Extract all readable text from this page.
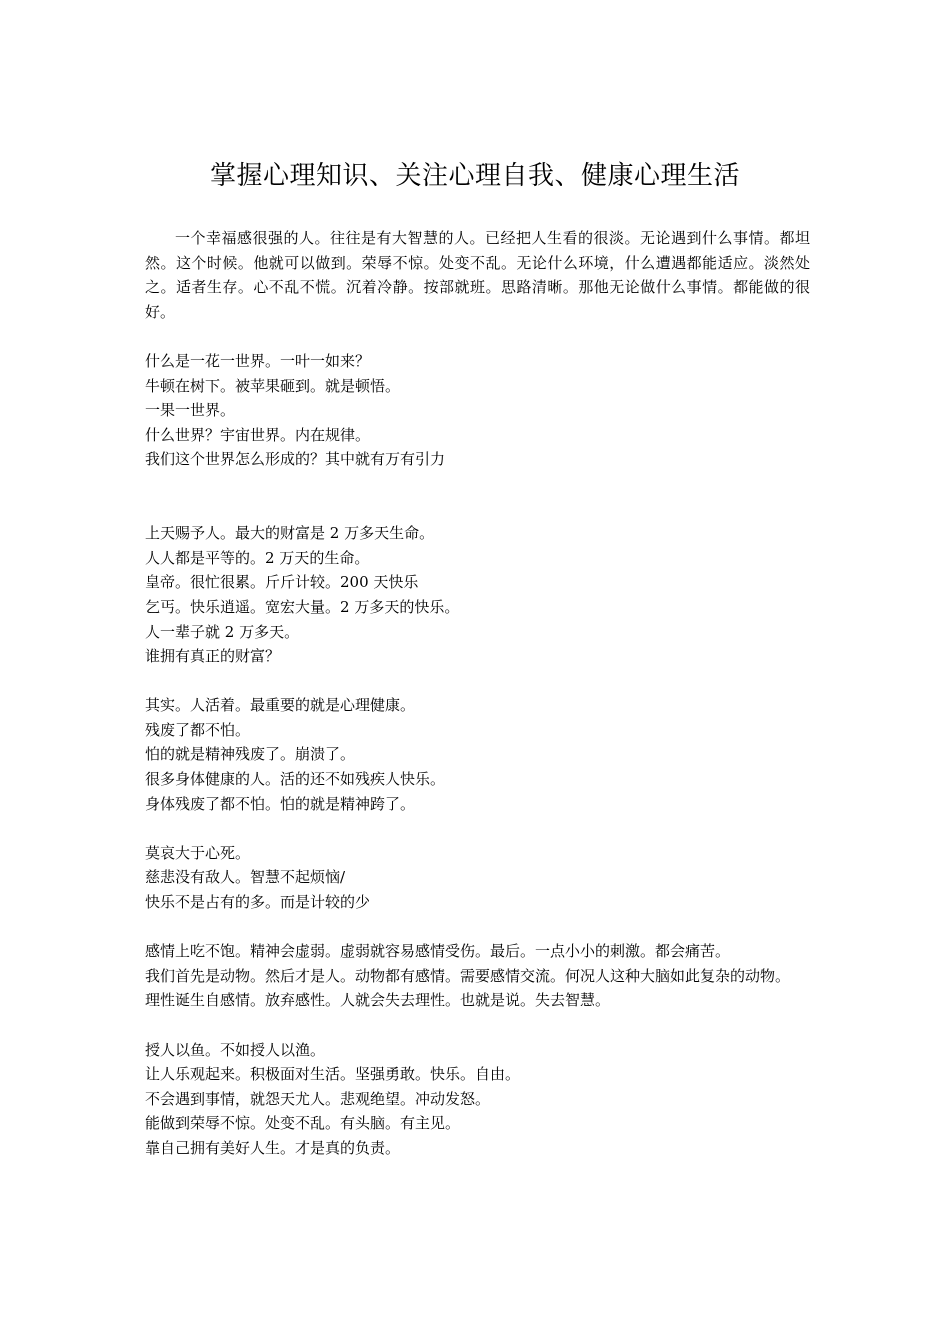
掌握心理知识、关注心理自我、健康心理生活
一个幸福感很强的人。往往是有大智慧的人。已经把人生看的很淡。无论遇到什么事情。都坦然。这个时候。他就可以做到。荣辱不惊。处变不乱。无论什么环境，什么遭遇都能适应。淡然处之。适者生存。心不乱不慌。沉着冷静。按部就班。思路清晰。那他无论做什么事情。都能做的很好。
什么是一花一世界。一叶一如来？
牛顿在树下。被苹果砸到。就是顿悟。
一果一世界。
什么世界？宇宙世界。内在规律。
我们这个世界怎么形成的？其中就有万有引力
上天赐予人。最大的财富是 2 万多天生命。
人人都是平等的。2 万天的生命。
皇帝。很忙很累。斤斤计较。200 天快乐
乞丐。快乐逍遥。宽宏大量。2 万多天的快乐。
人一辈子就 2 万多天。
谁拥有真正的财富？
其实。人活着。最重要的就是心理健康。
残废了都不怕。
怕的就是精神残废了。崩溃了。
很多身体健康的人。活的还不如残疾人快乐。
身体残废了都不怕。怕的就是精神跨了。
莫哀大于心死。
慈悲没有敌人。智慧不起烦恼/
快乐不是占有的多。而是计较的少
感情上吃不饱。精神会虚弱。虚弱就容易感情受伤。最后。一点小小的刺激。都会痛苦。
我们首先是动物。然后才是人。动物都有感情。需要感情交流。何况人这种大脑如此复杂的动物。
理性诞生自感情。放弃感性。人就会失去理性。也就是说。失去智慧。
授人以鱼。不如授人以渔。
让人乐观起来。积极面对生活。坚强勇敢。快乐。自由。
不会遇到事情，就怨天尤人。悲观绝望。冲动发怒。
能做到荣辱不惊。处变不乱。有头脑。有主见。
靠自己拥有美好人生。才是真的负责。
